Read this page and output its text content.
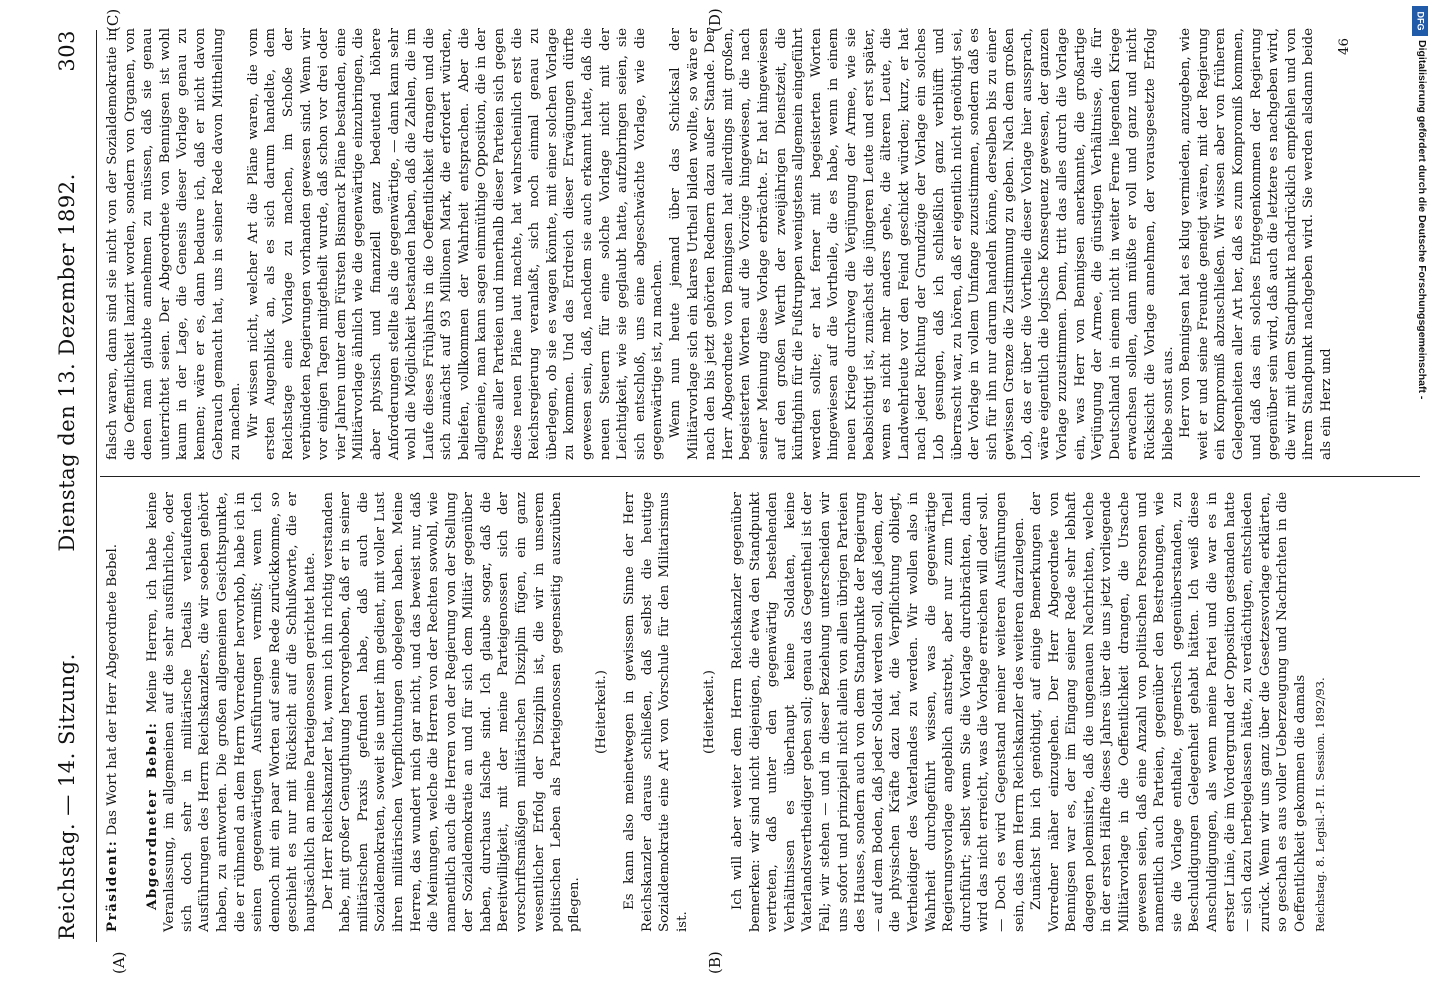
Reichstag. — 14. Sitzung.
Dienstag den 13. Dezember 1892.
303
(A)	(B)
(C)	(D)

Präsident: Das Wort hat der Herr Abgeordnete Bebel. Abgeordneter Bebel: Meine Herren, ich habe keine Veranlassung, im allgemeinen auf die sehr ausführliche, oder sich doch sehr in militärische Details verlaufenden Ausführungen des Herrn Reichskanzlers, die wir soeben gehört haben, zu antworten. Die großen allgemeinen Gesichtspunkte, die er rühmend an dem Herrn Vorredner hervorhob, habe ich in seinen gegenwärtigen Ausführungen vermißt; wenn ich dennoch mit ein paar Worten auf seine Rede zurückkomme, so geschieht es nur mit Rücksicht auf die Schlußworte, die er hauptsächlich an meine Parteigenossen gerichtet hatte. Der Herr Reichskanzler hat, wenn ich ihn richtig verstanden habe, mit großer Genugthuung hervorgehoben, daß er in seiner militärischen Praxis gefunden habe, daß auch die Sozialdemokraten, soweit sie unter ihm gedient, mit voller Lust ihren militärischen Verpflichtungen obgelegen haben. Meine Herren, das wundert mich gar nicht, und das beweist nur, daß die Meinungen, welche die Herren von der Rechten sowohl, wie namentlich auch die Herren von der Regierung von der Stellung der Sozialdemokratie an und für sich dem Militär gegenüber haben, durchaus falsche sind. Ich glaube sogar, daß die Bereitwilligkeit, mit der meine Parteigenossen sich der vorschriftsmäßigen militärischen Disziplin fügen, ein ganz wesentlicher Erfolg der Disziplin ist, die wir in unserem politischen Leben als Parteigenossen gegenseitig auszuüben pflegen.

(Heiterkeit.) Es kann also meinetwegen in gewissem Sinne der Herr Reichskanzler daraus schließen, daß selbst die heutige Sozialdemokratie eine Art von Vorschule für den Militarismus ist.

(Heiterkeit.) Ich will aber weiter dem Herrn Reichskanzler gegenüber bemerken: wir sind nicht diejenigen, die etwa den Standpunkt vertreten, daß unter den gegenwärtig bestehenden Verhältnissen es überhaupt keine Soldaten, keine Vaterlandsvertheidiger geben soll; genau das Gegentheil ist der Fall; wir stehen — und in dieser Beziehung unterscheiden wir uns sofort und prinzipiell nicht allein von allen übrigen Parteien des Hauses, sondern auch von dem Standpunkte der Regierung — auf dem Boden, daß jeder Soldat werden soll, daß jedem, der die physischen Kräfte dazu hat, die Verpflichtung obliegt, Vertheidiger des Vaterlandes zu werden. Wir wollen also in Wahrheit durchgeführt wissen, was die gegenwärtige Regierungsvorlage angeblich anstrebt, aber nur zum Theil durchführt; selbst wenn Sie die Vorlage durchbrächten, dann wird das nicht erreicht, was die Vorlage erreichen will oder soll. — Doch es wird Gegenstand meiner weiteren Ausführungen sein, das dem Herrn Reichskanzler des weiteren darzulegen. Zunächst bin ich genöthigt, auf einige Bemerkungen der Vorredner näher einzugehen. Der Herr Abgeordnete von Bennigsen war es, der im Eingang seiner Rede sehr lebhaft dagegen polemisirte, daß die ungenauen Nachrichten, welche in der ersten Hälfte dieses Jahres über die uns jetzt vorliegende Militärvorlage in die Oeffentlichkeit drangen, die Ursache gewesen seien, daß eine Anzahl von politischen Personen und namentlich auch Parteien, gegenüber den Bestrebungen, wie sie die Vorlage enthalte, gegnerisch gegenüberstanden, zu Beschuldigungen Gelegenheit gehabt hätten. Ich weiß diese Anschuldigungen, als wenn meine Partei und die war es in erster Linie, die im Vordergrund der Opposition gestanden hatte — sich dazu herbeigelassen hätte, zu verdächtigen, entschieden zurück. Wenn wir uns ganz über die Gesetzesvorlage erklärten, so geschah es aus voller Ueberzeugung und Nachrichten in die Oeffentlichkeit gekommen die damals Reichstag. 8. Legisl.-P. II. Session. 1892/93.

falsch waren, dann sind sie nicht von der Sozialdemokratie in die Oeffentlichkeit lanzirt worden, sondern von Organen, von denen man glaubte annehmen zu müssen, daß sie genau unterrichtet seien. Der Abgeordnete von Bennigsen ist wohl kaum in der Lage, die Genesis dieser Vorlage genau zu kennen; wäre er es, dann bedaure ich, daß er nicht davon Gebrauch gemacht hat, uns in seiner Rede davon Mittheilung zu machen. Wir wissen nicht, welcher Art die Pläne waren, die vom ersten Augenblick an, als es sich darum handelte, dem Reichstage eine Vorlage zu machen, im Schoße der verbündeten Regierungen vorhanden gewesen sind. Wenn wir vor einigen Tagen mitgetheilt wurde, daß schon vor drei oder vier Jahren unter dem Fürsten Bismarck Pläne bestanden, eine Militärvorlage ähnlich wie die gegenwärtige einzubringen, die aber physisch und finanziell ganz bedeutend höhere Anforderungen stellte als die gegenwärtige, — dann kann sehr wohl die Möglichkeit bestanden haben, daß die Zahlen, die im Laufe dieses Frühjahrs in die Oeffentlichkeit drangen und die sich zunächst auf 93 Millionen Mark, die erfordert würden, beliefen, vollkommen der Wahrheit entsprachen. Aber die allgemeine, man kann sagen einmüthige Opposition, die in der Presse aller Parteien und innerhalb dieser Parteien sich gegen diese neuen Pläne laut machte, hat wahrscheinlich erst die Reichsregierung veranlaßt, sich noch einmal genau zu überlegen, ob sie es wagen könnte, mit einer solchen Vorlage zu kommen. Und das Erdreich dieser Erwägungen dürfte gewesen sein, daß, nachdem sie auch erkannt hatte, daß die neuen Steuern für eine solche Vorlage nicht mit der Leichtigkeit, wie sie geglaubt hatte, aufzubringen seien, sie sich entschloß, uns eine abgeschwächte Vorlage, wie die gegenwärtige ist, zu machen. Wenn nun heute jemand über das Schicksal der Militärvorlage sich ein klares Urtheil bilden wollte, so wäre er nach den bis jetzt gehörten Rednern dazu außer Stande. Der Herr Abgeordnete von Bennigsen hat allerdings mit großen, begeisterten Worten auf die Vorzüge hingewiesen, die nach seiner Meinung diese Vorlage erbrächte. Er hat hingewiesen auf den großen Werth der zweijährigen Dienstzeit, die künftighin für die Fußtruppen wenigstens allgemein eingeführt werden sollte; er hat ferner mit begeisterten Worten hingewiesen auf die Vortheile, die es habe, wenn in einem neuen Kriege durchweg die Verjüngung der Armee, wie sie beabsichtigt ist, zunächst die jüngeren Leute und erst später, wenn es nicht mehr anders gehe, die älteren Leute, die Landwehrleute vor den Feind geschickt würden; kurz, er hat nach jeder Richtung der Grundzüge der Vorlage ein solches Lob gesungen, daß ich schließlich ganz verblüfft und überrascht war, zu hören, daß er eigentlich nicht genöthigt sei, der Vorlage in vollem Umfange zuzustimmen, sondern daß es sich für ihn nur darum handeln könne, derselben bis zu einer gewissen Grenze die Zustimmung zu geben. Nach dem großen Lob, das er über die Vortheile dieser Vorlage hier aussprach, wäre eigentlich die logische Konsequenz gewesen, der ganzen Vorlage zuzustimmen. Denn, tritt das alles durch die Vorlage ein, was Herr von Bennigsen anerkannte, die großartige Verjüngung der Armee, die günstigen Verhältnisse, die für Deutschland in einem nicht in weiter Ferne liegenden Kriege erwachsen sollen, dann müßte er voll und ganz und nicht Rücksicht die Vorlage annehmen, der vorausgesetzte Erfolg bliebe sonst aus. Herr von Bennigsen hat es klug vermieden, anzugeben, wie weit er und seine Freunde geneigt wären, mit der Regierung ein Kompromiß abzuschließen. Wir wissen aber von früheren Gelegenheiten aller Art her, daß es zum Kompromiß kommen, und daß das ein solches Entgegenkommen der Regierung gegenüber sein wird, daß auch die letztere es nachgeben wird, die wir mit dem Standpunkt nachdrücklich empfehlen und von ihrem Standpunkt nachgeben wird. Sie werden alsdann beide als ein Herz und

46	Digitalisierung gefördert durch die Deutsche Forschungsgemeinschaft -
DFG
